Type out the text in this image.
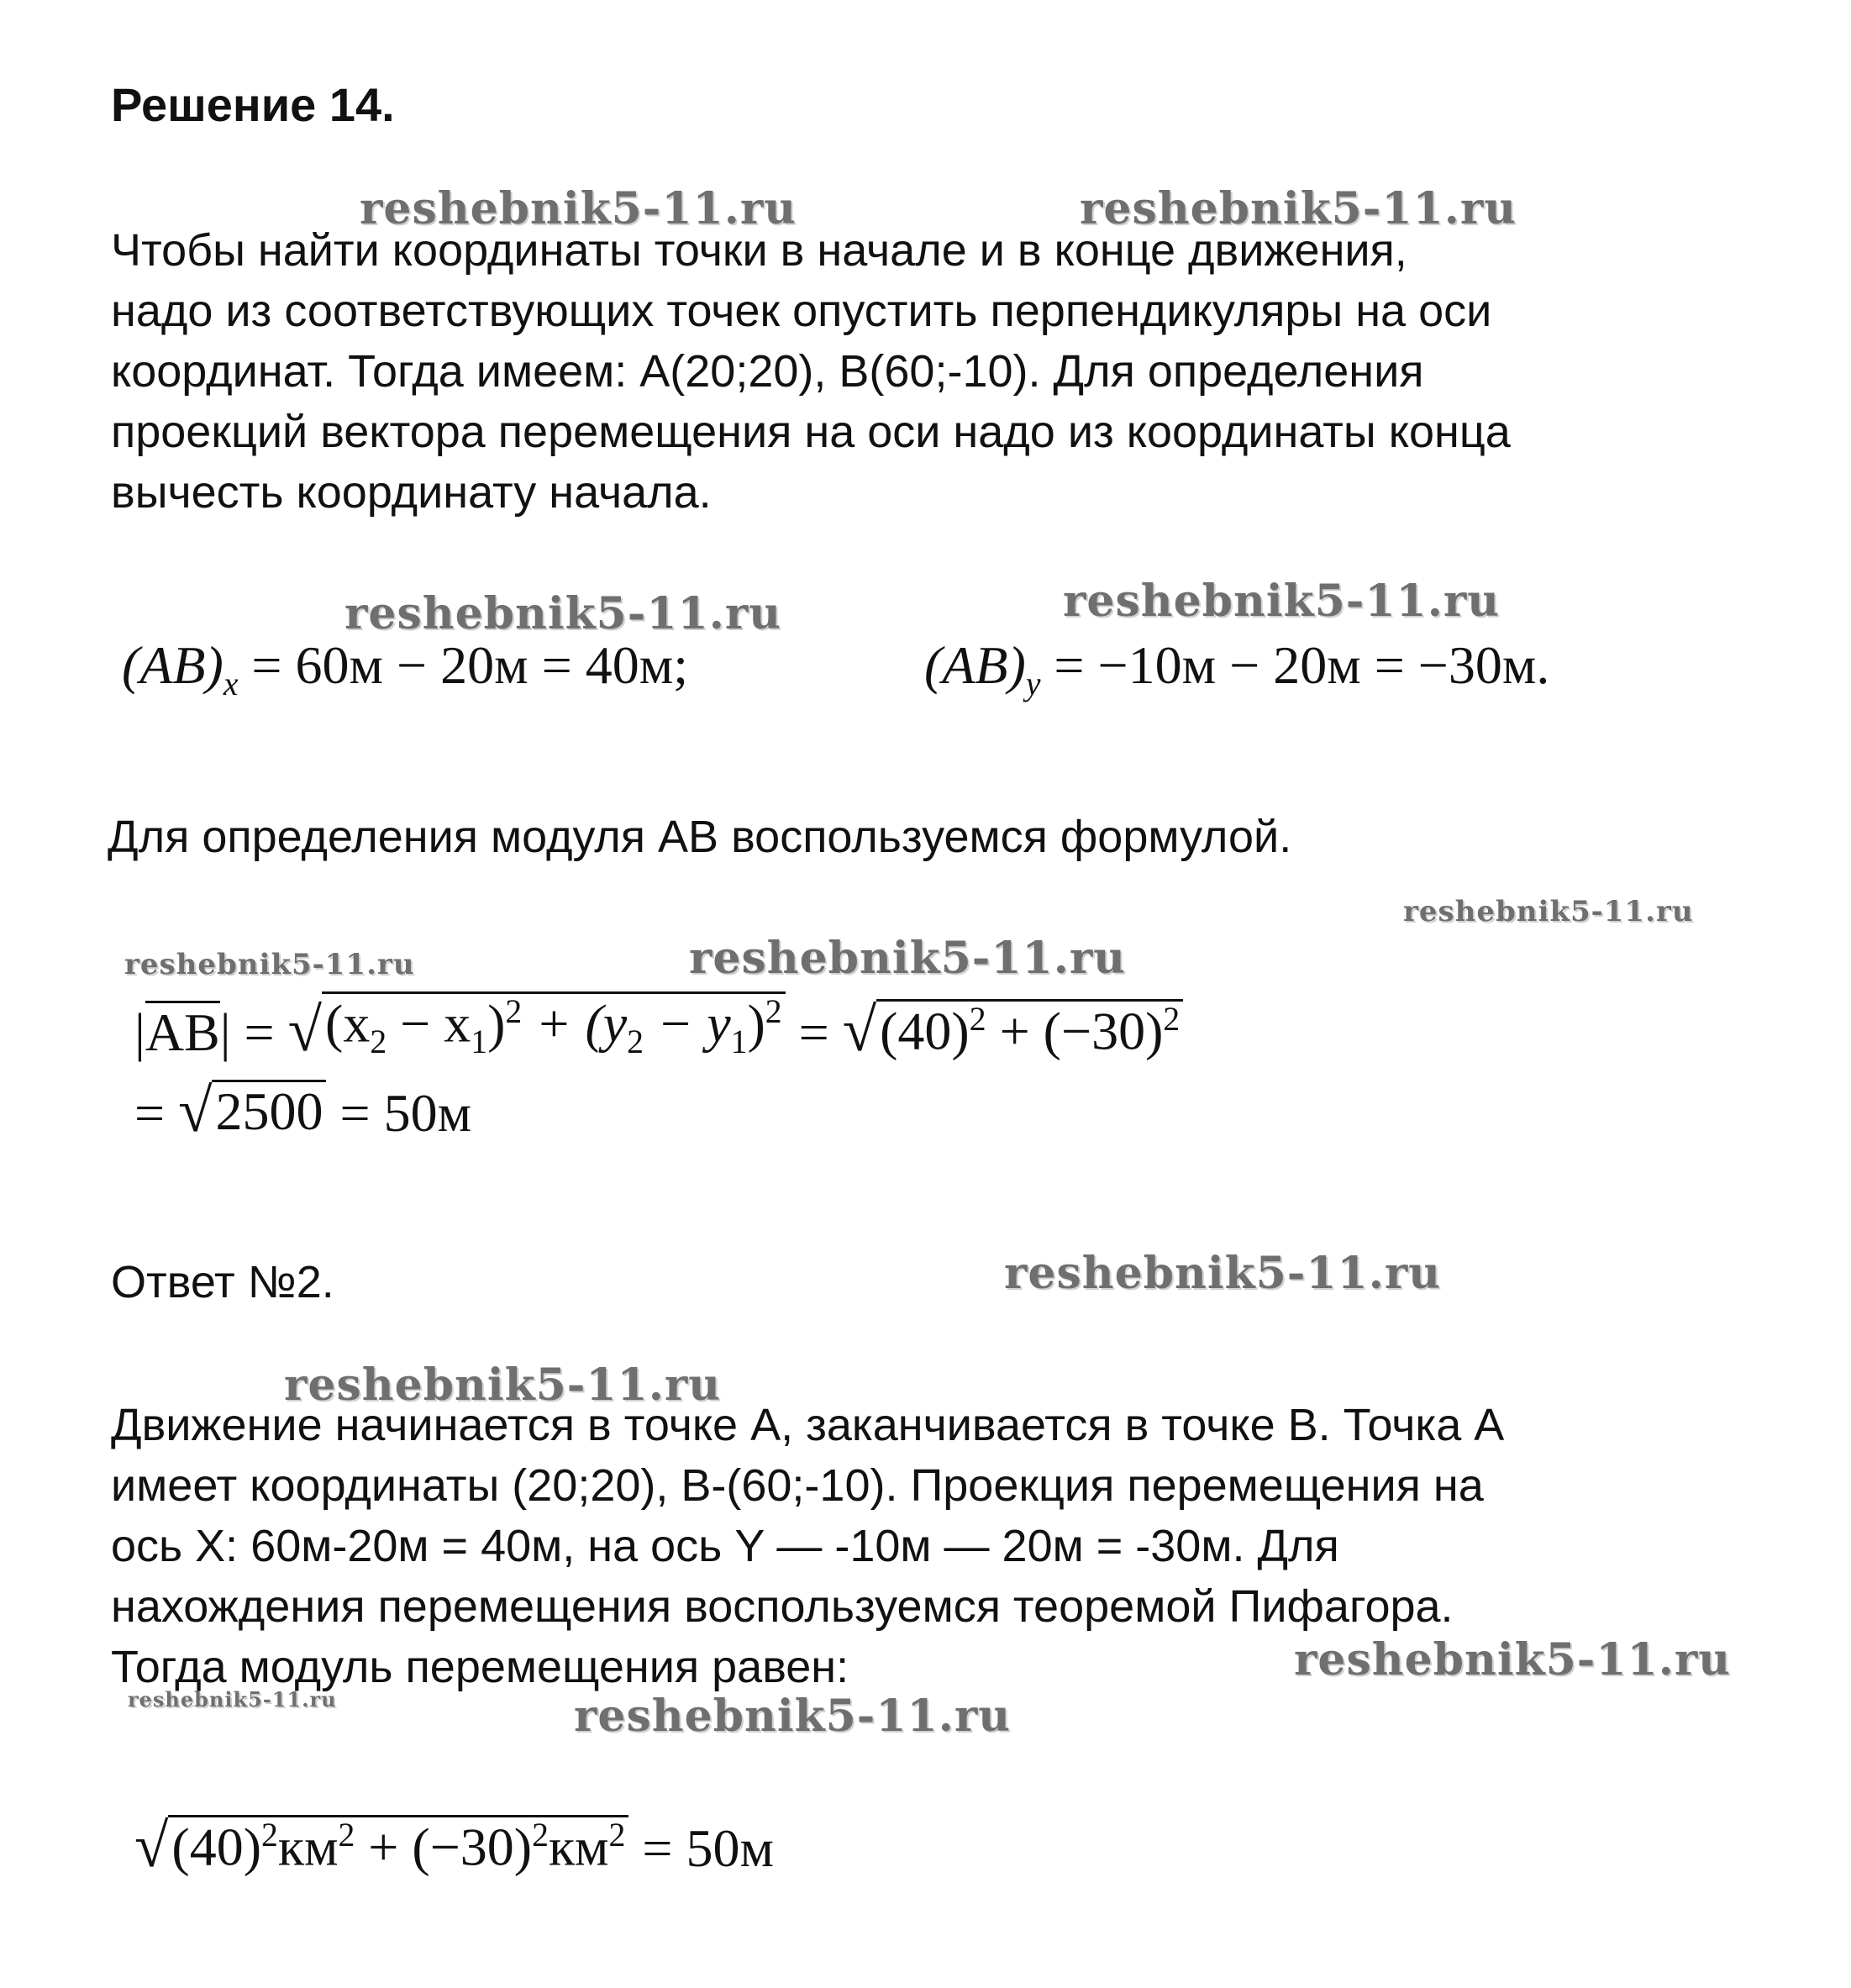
Решение 14.
reshebnik5-11.ru	reshebnik5-11.ru
Чтобы найти координаты точки в начале и в конце движения,
надо из соответствующих точек опустить перпендикуляры на оси
координат. Тогда имеем: А(20;20), В(60;-10). Для определения
проекций вектора перемещения на оси надо из координаты конца
вычесть координату начала.
reshebnik5-11.ru	reshebnik5-11.ru
$(AB)_x = 60м - 20м = 40м$;	$(AB)_y = -10м - 20м = -30м$.
Для определения модуля АВ воспользуемся формулой.
reshebnik5-11.ru
reshebnik5-11.ru	reshebnik5-11.ru
|AB| = √ $(x_2 - x_1)^2 + (y_2 - y_1)^2$ = √ $(40)^2 + (-30)^2$
= √ 2500 = 50м
Ответ №2.	reshebnik5-11.ru
reshebnik5-11.ru
Движение начинается в точке А, заканчивается в точке В. Точка А
имеет координаты (20;20), В-(60;-10). Проекция перемещения на
ось X: 60м-20м = 40м, на ось Y — -10м — 20м = -30м. Для
нахождения перемещения воспользуемся теоремой Пифагора.
Тогда модуль перемещения равен:	reshebnik5-11.ru
reshebnik5-11.ru	reshebnik5-11.ru
√ $(40)^2км^2 + (-30)^2км^2 = 50м$
